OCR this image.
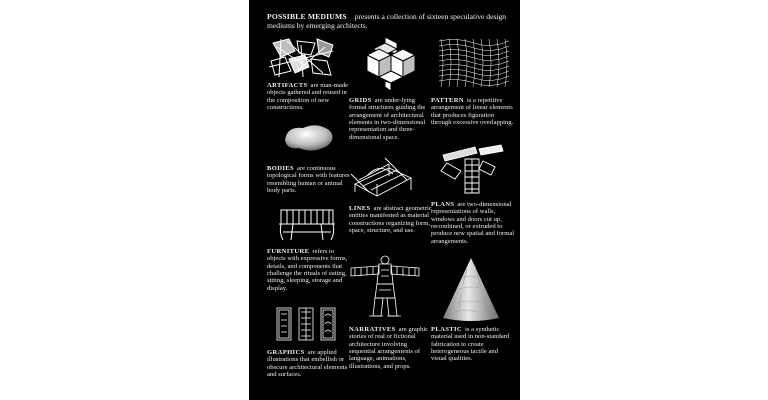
POSSIBLE MEDIUMS presents a collection of sixteen speculative design mediums by emerging architects.
ARTIFACTS are man-made objects gathered and reused in the composition of new constructions.
GRIDS are under-lying formal structures guiding the arrangement of architectural elements in two-dimensional representation and three-dimensional space.
PATTERN is a repetitive arrangement of linear elements that produces figuration through excessive overlapping.
BODIES are continuous topological forms with features resembling human or animal body parts.
LINES are abstract geometric entities manifested as material constructions organizing form, space, structure, and use.
PLANS are two-dimensional representations of walls, windows and doors cut up, recombined, or extruded to produce new spatial and formal arrangements.
FURNITURE refers to objects with expressive forms, details, and components that challenge the rituals of eating, sitting, sleeping, storage and display.
NARRATIVES are graphic stories of real or fictional architecture involving sequential arrangements of language, animations, illustrations, and props.
PLASTIC is a synthetic material used in non-standard fabrication to create heterogeneous tactile and visual qualities.
GRAPHICS are applied illustrations that embellish or obscure architectural elements and surfaces.
